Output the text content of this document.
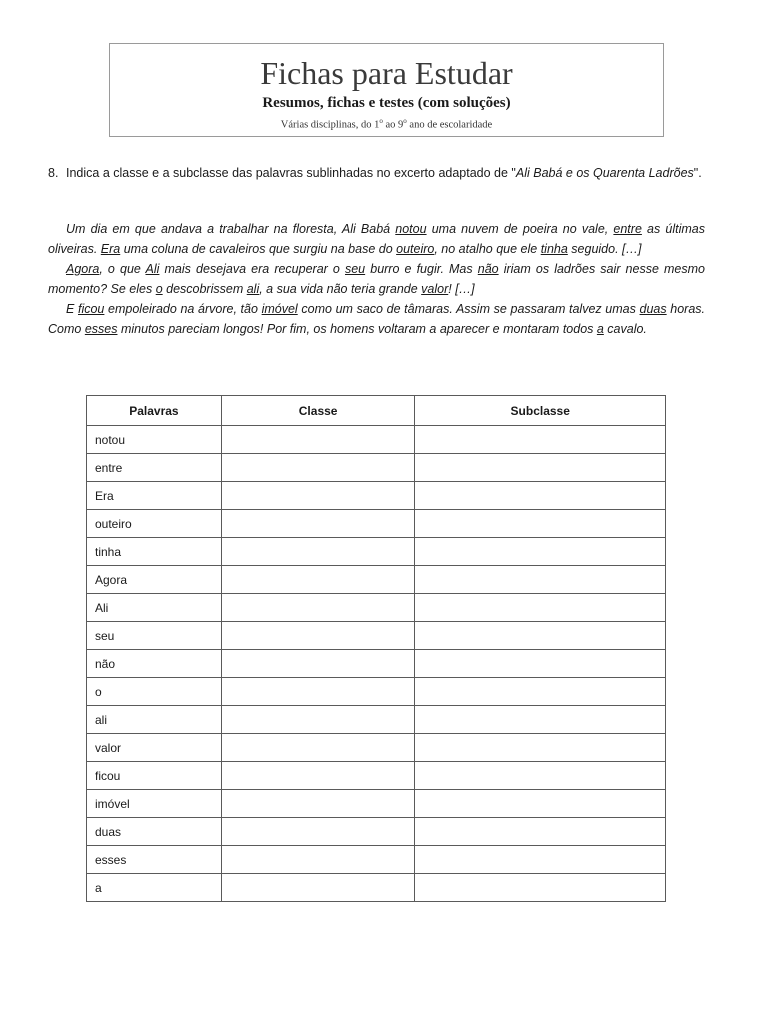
Fichas para Estudar
Resumos, fichas e testes (com soluções)
Várias disciplinas, do 1$^o$ ao 9$^o$ ano de escolaridade
8. Indica a classe e a subclasse das palavras sublinhadas no excerto adaptado de "Ali Babá e os Quarenta Ladrões".

Um dia em que andava a trabalhar na floresta, Ali Babá notou uma nuvem de poeira no vale, entre as últimas oliveiras. Era uma coluna de cavaleiros que surgiu na base do outeiro, no atalho que ele tinha seguido. […]

Agora, o que Ali mais desejava era recuperar o seu burro e fugir. Mas não iriam os ladrões sair nesse mesmo momento? Se eles o descobrissem ali, a sua vida não teria grande valor! […]

E ficou empoleirado na árvore, tão imóvel como um saco de tâmaras. Assim se passaram talvez umas duas horas. Como esses minutos pareciam longos! Por fim, os homens voltaram a aparecer e montaram todos a cavalo.

Palavras	Classe	Subclasse
notou		
entre		
Era		
outeiro		
tinha		
Agora		
Ali		
seu		
não		
o		
ali		
valor		
ficou		
imóvel		
duas		
esses		
a		
